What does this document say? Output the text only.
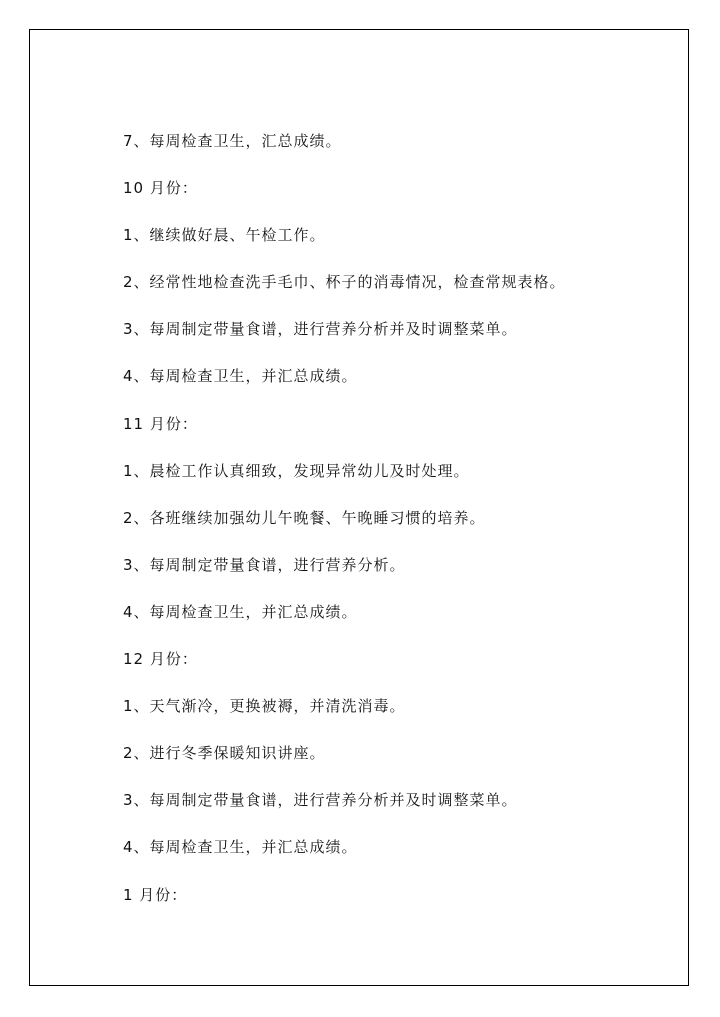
7、每周检查卫生，汇总成绩。
10 月份：
1、继续做好晨、午检工作。
2、经常性地检查洗手毛巾、杯子的消毒情况，检查常规表格。
3、每周制定带量食谱，进行营养分析并及时调整菜单。
4、每周检查卫生，并汇总成绩。
11 月份：
1、晨检工作认真细致，发现异常幼儿及时处理。
2、各班继续加强幼儿午晚餐、午晚睡习惯的培养。
3、每周制定带量食谱，进行营养分析。
4、每周检查卫生，并汇总成绩。
12 月份：
1、天气渐冷，更换被褥，并清洗消毒。
2、进行冬季保暖知识讲座。
3、每周制定带量食谱，进行营养分析并及时调整菜单。
4、每周检查卫生，并汇总成绩。
1 月份：
